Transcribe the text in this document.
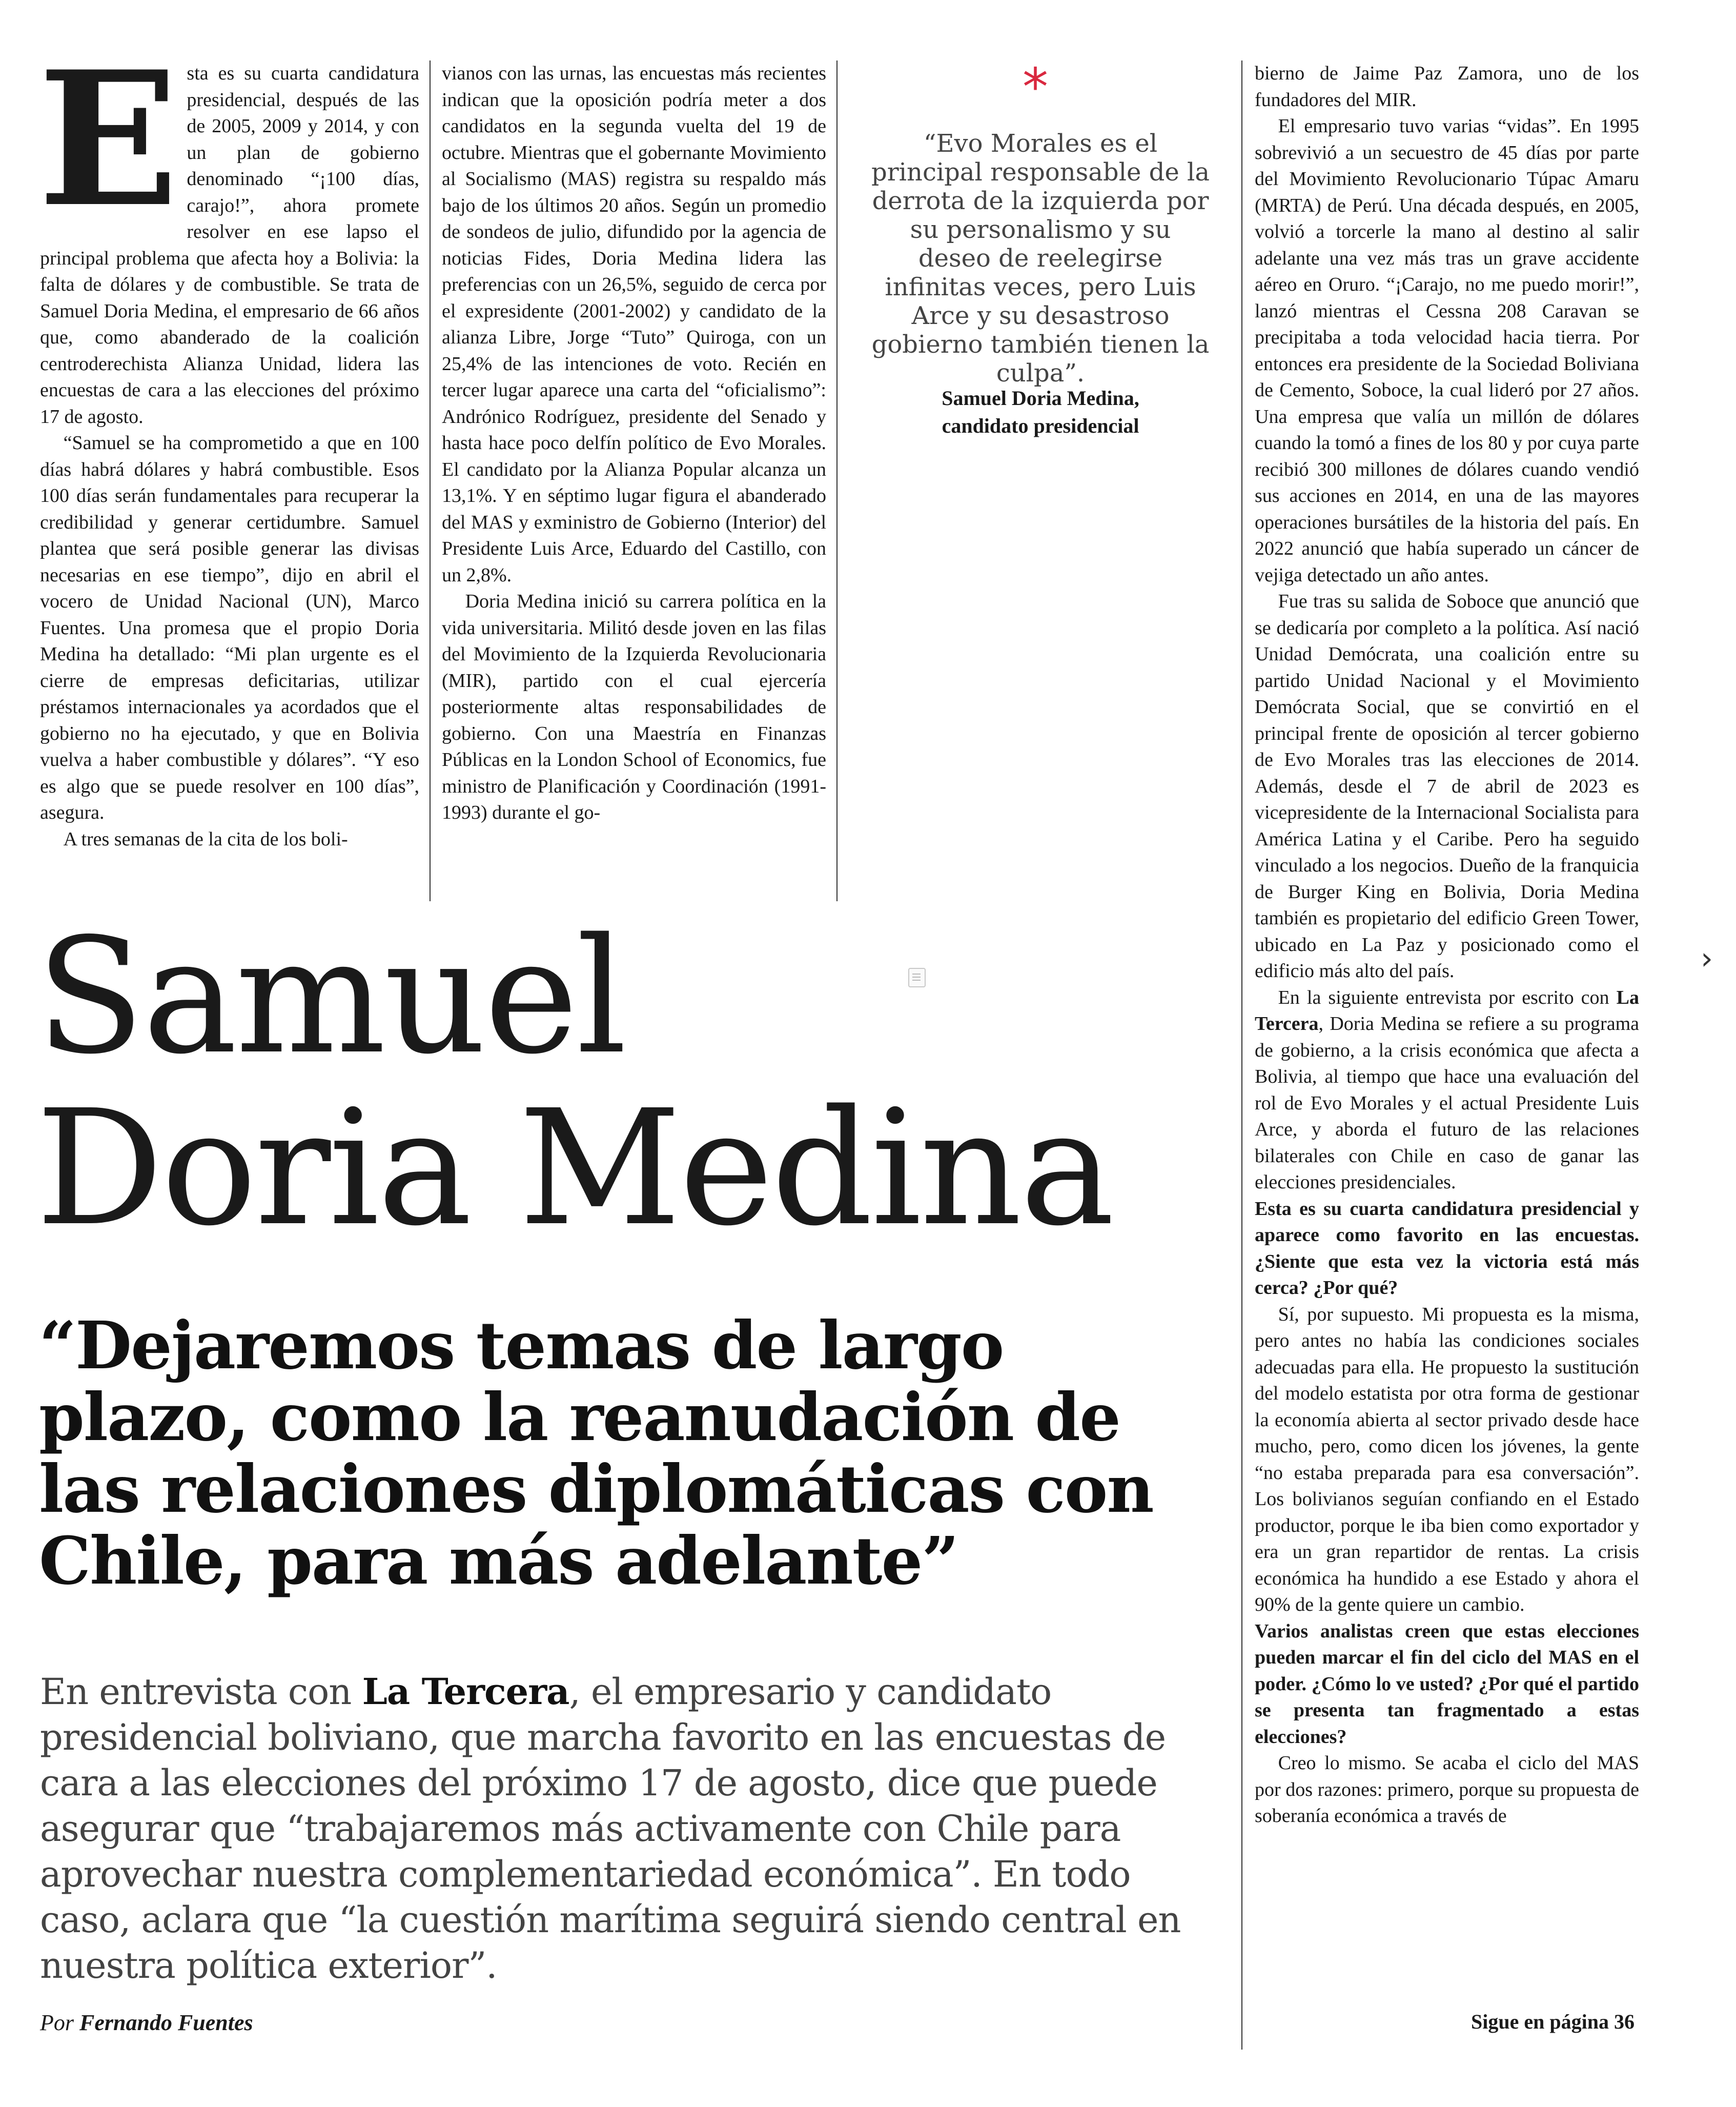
Esta es su cuarta candidatura presidencial, después de las de 2005, 2009 y 2014, y con un plan de gobierno denominado “¡100 días, carajo!”, ahora promete resolver en ese lapso el principal problema que afecta hoy a Bolivia: la falta de dólares y de combustible. Se trata de Samuel Doria Medina, el empresario de 66 años que, como abanderado de la coalición centroderechista Alianza Unidad, lidera las encuestas de cara a las elecciones del próximo 17 de agosto.

“Samuel se ha comprometido a que en 100 días habrá dólares y habrá combustible. Esos 100 días serán fundamentales para recuperar la credibilidad y generar certidumbre. Samuel plantea que será posible generar las divisas necesarias en ese tiempo”, dijo en abril el vocero de Unidad Nacional (UN), Marco Fuentes. Una promesa que el propio Doria Medina ha detallado: “Mi plan urgente es el cierre de empresas deficitarias, utilizar préstamos internacionales ya acordados que el gobierno no ha ejecutado, y que en Bolivia vuelva a haber combustible y dólares”. “Y eso es algo que se puede resolver en 100 días”, asegura.

A tres semanas de la cita de los boli-

vianos con las urnas, las encuestas más recientes indican que la oposición podría meter a dos candidatos en la segunda vuelta del 19 de octubre. Mientras que el gobernante Movimiento al Socialismo (MAS) registra su respaldo más bajo de los últimos 20 años. Según un promedio de sondeos de julio, difundido por la agencia de noticias Fides, Doria Medina lidera las preferencias con un 26,5%, seguido de cerca por el expresidente (2001-2002) y candidato de la alianza Libre, Jorge “Tuto” Quiroga, con un 25,4% de las intenciones de voto. Recién en tercer lugar aparece una carta del “oficialismo”: Andrónico Rodríguez, presidente del Senado y hasta hace poco delfín político de Evo Morales. El candidato por la Alianza Popular alcanza un 13,1%. Y en séptimo lugar figura el abanderado del MAS y exministro de Gobierno (Interior) del Presidente Luis Arce, Eduardo del Castillo, con un 2,8%.

Doria Medina inició su carrera política en la vida universitaria. Militó desde joven en las filas del Movimiento de la Izquierda Revolucionaria (MIR), partido con el cual ejercería posteriormente altas responsabilidades de gobierno. Con una Maestría en Finanzas Públicas en la London School of Economics, fue ministro de Planificación y Coordinación (1991-1993) durante el go-

*
“Evo Morales es el principal responsable de la derrota de la izquierda por su personalismo y su deseo de reelegirse infinitas veces, pero Luis Arce y su desastroso gobierno también tienen la culpa”.
Samuel Doria Medina,
candidato presidencial

bierno de Jaime Paz Zamora, uno de los fundadores del MIR.

El empresario tuvo varias “vidas”. En 1995 sobrevivió a un secuestro de 45 días por parte del Movimiento Revolucionario Túpac Amaru (MRTA) de Perú. Una década después, en 2005, volvió a torcerle la mano al destino al salir adelante una vez más tras un grave accidente aéreo en Oruro. “¡Carajo, no me puedo morir!”, lanzó mientras el Cessna 208 Caravan se precipitaba a toda velocidad hacia tierra. Por entonces era presidente de la Sociedad Boliviana de Cemento, Soboce, la cual lideró por 27 años. Una empresa que valía un millón de dólares cuando la tomó a fines de los 80 y por cuya parte recibió 300 millones de dólares cuando vendió sus acciones en 2014, en una de las mayores operaciones bursátiles de la historia del país. En 2022 anunció que había superado un cáncer de vejiga detectado un año antes.

Fue tras su salida de Soboce que anunció que se dedicaría por completo a la política. Así nació Unidad Demócrata, una coalición entre su partido Unidad Nacional y el Movimiento Demócrata Social, que se convirtió en el principal frente de oposición al tercer gobierno de Evo Morales tras las elecciones de 2014. Además, desde el 7 de abril de 2023 es vicepresidente de la Internacional Socialista para América Latina y el Caribe. Pero ha seguido vinculado a los negocios. Dueño de la franquicia de Burger King en Bolivia, Doria Medina también es propietario del edificio Green Tower, ubicado en La Paz y posicionado como el edificio más alto del país.

En la siguiente entrevista por escrito con La Tercera, Doria Medina se refiere a su programa de gobierno, a la crisis económica que afecta a Bolivia, al tiempo que hace una evaluación del rol de Evo Morales y el actual Presidente Luis Arce, y aborda el futuro de las relaciones bilaterales con Chile en caso de ganar las elecciones presidenciales.

Esta es su cuarta candidatura presidencial y aparece como favorito en las encuestas. ¿Siente que esta vez la victoria está más cerca? ¿Por qué?

Sí, por supuesto. Mi propuesta es la misma, pero antes no había las condiciones sociales adecuadas para ella. He propuesto la sustitución del modelo estatista por otra forma de gestionar la economía abierta al sector privado desde hace mucho, pero, como dicen los jóvenes, la gente “no estaba preparada para esa conversación”. Los bolivianos seguían confiando en el Estado productor, porque le iba bien como exportador y era un gran repartidor de rentas. La crisis económica ha hundido a ese Estado y ahora el 90% de la gente quiere un cambio.

Varios analistas creen que estas elecciones pueden marcar el fin del ciclo del MAS en el poder. ¿Cómo lo ve usted? ¿Por qué el partido se presenta tan fragmentado a estas elecciones?

Creo lo mismo. Se acaba el ciclo del MAS por dos razones: primero, porque su propuesta de soberanía económica a través de

Samuel
Doria Medina
“Dejaremos temas de largo plazo, como la reanudación de las relaciones diplomáticas con Chile, para más adelante”
En entrevista con La Tercera, el empresario y candidato presidencial boliviano, que marcha favorito en las encuestas de cara a las elecciones del próximo 17 de agosto, dice que puede asegurar que “trabajaremos más activamente con Chile para aprovechar nuestra complementariedad económica”. En todo caso, aclara que “la cuestión marítima seguirá siendo central en nuestra política exterior”.
Por Fernando Fuentes	Sigue en página 36
›
